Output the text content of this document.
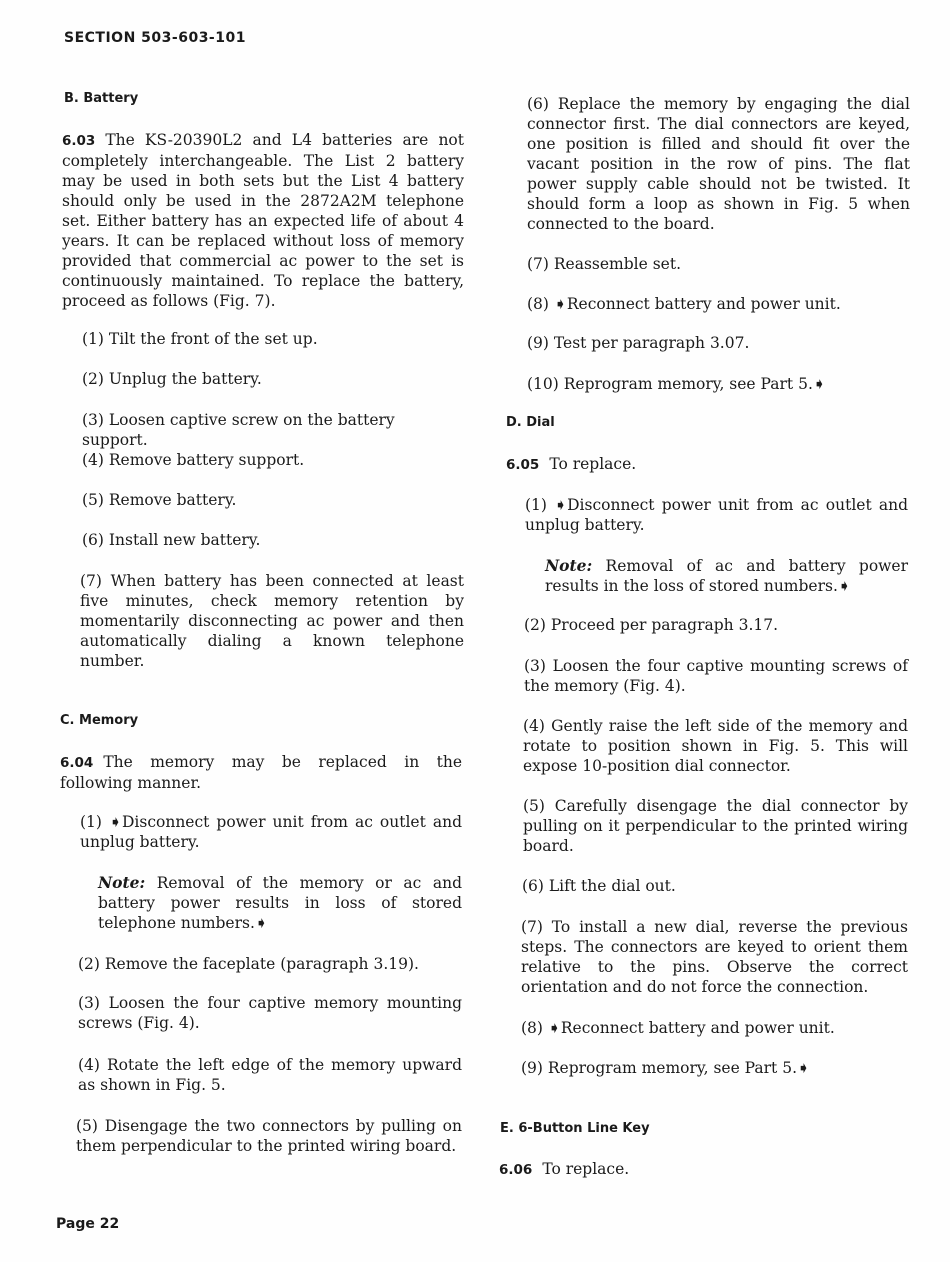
SECTION 503-603-101
B. Battery
6.03 The KS-20390L2 and L4 batteries are not completely interchangeable. The List 2 battery may be used in both sets but the List 4 battery should only be used in the 2872A2M telephone set. Either battery has an expected life of about 4 years. It can be replaced without loss of memory provided that commercial ac power to the set is continuously maintained. To replace the battery, proceed as follows (Fig. 7).
(1) Tilt the front of the set up.
(2) Unplug the battery.
(3) Loosen captive screw on the battery support.
(4) Remove battery support.
(5) Remove battery.
(6) Install new battery.
(7) When battery has been connected at least five minutes, check memory retention by momentarily disconnecting ac power and then automatically dialing a known telephone number.
C. Memory
6.04 The memory may be replaced in the following manner.
(1) ➧Disconnect power unit from ac outlet and unplug battery.
Note: Removal of the memory or ac and battery power results in loss of stored telephone numbers.➧
(2) Remove the faceplate (paragraph 3.19).
(3) Loosen the four captive memory mounting screws (Fig. 4).
(4) Rotate the left edge of the memory upward as shown in Fig. 5.
(5) Disengage the two connectors by pulling on them perpendicular to the printed wiring board.
(6) Replace the memory by engaging the dial connector first. The dial connectors are keyed, one position is filled and should fit over the vacant position in the row of pins. The flat power supply cable should not be twisted. It should form a loop as shown in Fig. 5 when connected to the board.
(7) Reassemble set.
(8) ➧Reconnect battery and power unit.
(9) Test per paragraph 3.07.
(10) Reprogram memory, see Part 5.➧
D. Dial
6.05 To replace.
(1) ➧Disconnect power unit from ac outlet and unplug battery.
Note: Removal of ac and battery power results in the loss of stored numbers.➧
(2) Proceed per paragraph 3.17.
(3) Loosen the four captive mounting screws of the memory (Fig. 4).
(4) Gently raise the left side of the memory and rotate to position shown in Fig. 5. This will expose 10-position dial connector.
(5) Carefully disengage the dial connector by pulling on it perpendicular to the printed wiring board.
(6) Lift the dial out.
(7) To install a new dial, reverse the previous steps. The connectors are keyed to orient them relative to the pins. Observe the correct orientation and do not force the connection.
(8) ➧Reconnect battery and power unit.
(9) Reprogram memory, see Part 5.➧
E. 6-Button Line Key
6.06 To replace.
Page 22
